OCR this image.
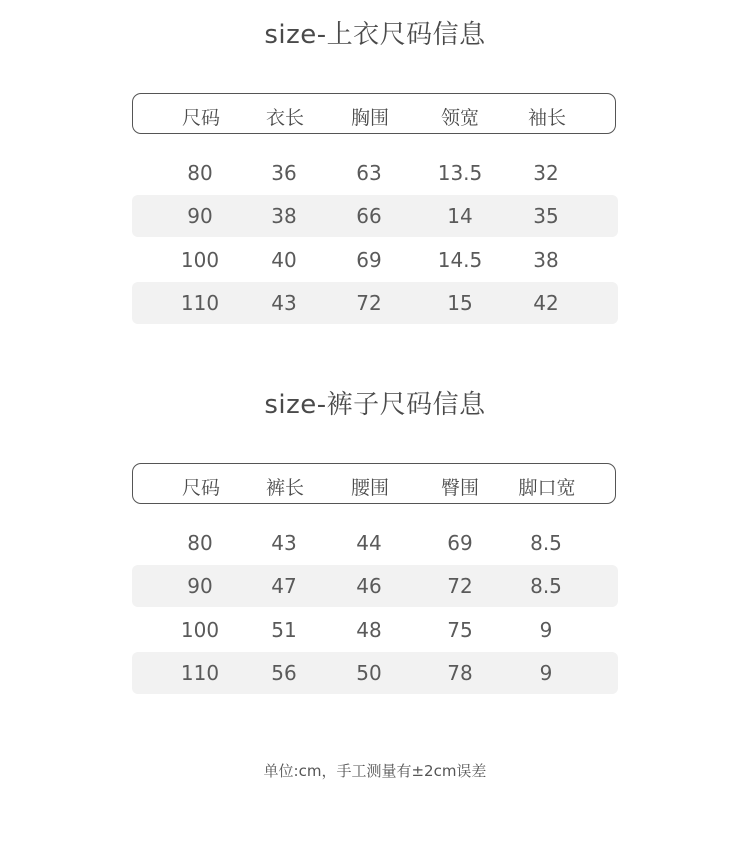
size-上衣尺码信息
尺码	衣长	胸围	领宽	袖长
80	36	63	13.5	32
90	38	66	14	35
100	40	69	14.5	38
110	43	72	15	42
size-裤子尺码信息
尺码	裤长	腰围	臀围	脚口宽
80	43	44	69	8.5
90	47	46	72	8.5
100	51	48	75	9
110	56	50	78	9
单位:cm，手工测量有±2cm误差
